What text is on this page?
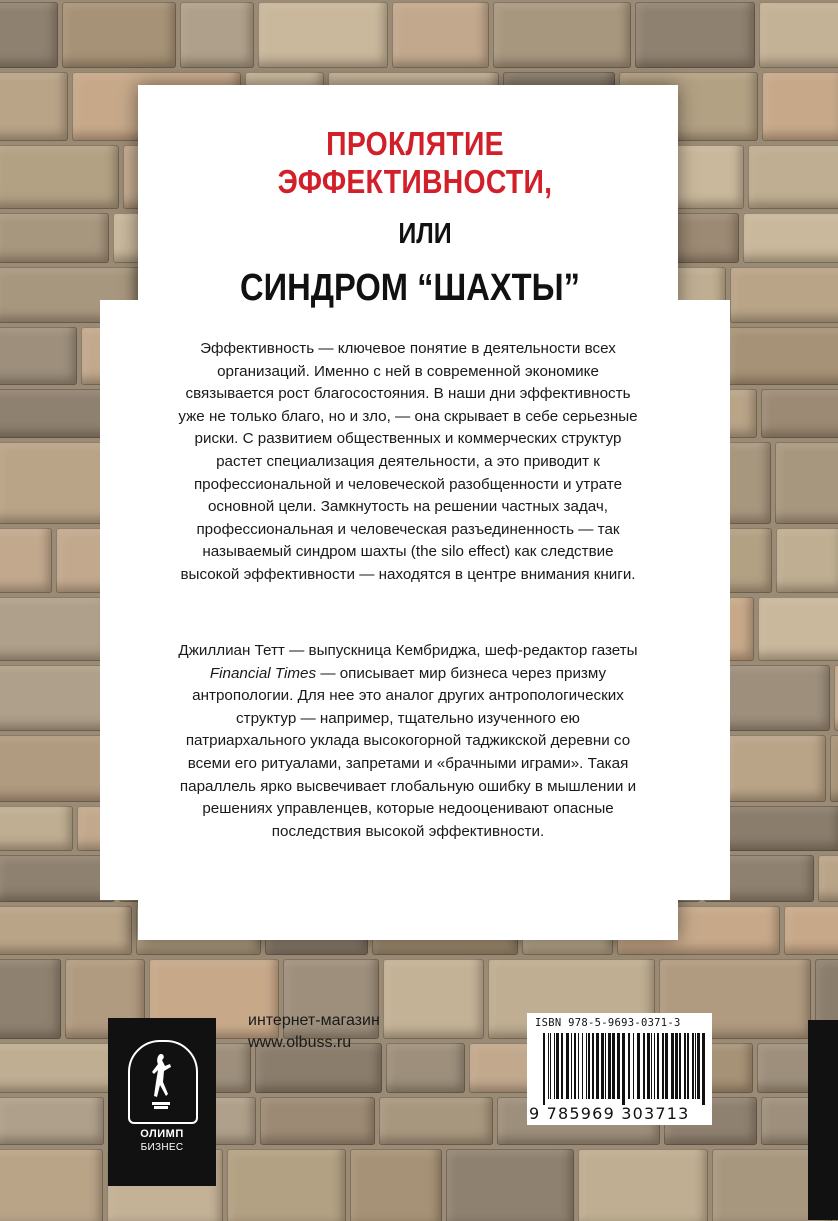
ПРОКЛЯТИЕ
ЭФФЕКТИВНОСТИ,
ИЛИ
СИНДРОМ “ШАХТЫ”

Эффективность — ключевое понятие в деятельности всех организаций. Именно с ней в современной экономике связывается рост благосостояния. В наши дни эффективность уже не только благо, но и зло, — она скрывает в себе серьезные риски. С развитием общественных и коммерческих структур растет специализация деятельности, а это приводит к профессиональной и человеческой разобщенности и утрате основной цели. Замкнутость на решении частных задач, профессиональная и человеческая разъединенность — так называемый синдром шахты (the silo effect) как следствие высокой эффективности — находятся в центре внимания книги.

Джиллиан Тетт — выпускница Кембриджа, шеф-редактор газеты Financial Times — описывает мир бизнеса через призму антропологии. Для нее это аналог других антропологических структур — например, тщательно изученного ею патриархального уклада высокогорной таджикской деревни со всеми его ритуалами, запретами и «брачными играми». Такая параллель ярко высвечивает глобальную ошибку в мышлении и решениях управленцев, которые недооценивают опасные последствия высокой эффективности.

интернет-магазин
www.olbuss.ru
ОЛИМП
БИЗНЕС
ISBN 978-5-9693-0371-3
9 785969 303713
